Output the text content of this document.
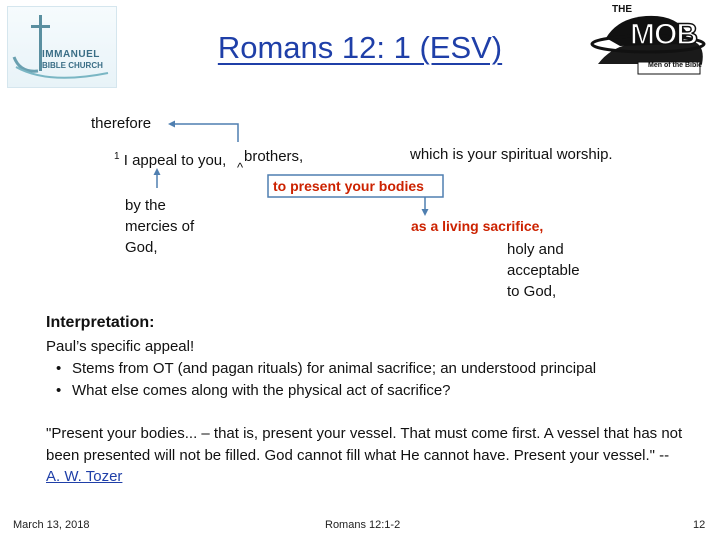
IMMANUEL
BIBLE CHURCH
THE
MOB
Men of the Bible
Romans 12: 1 (ESV)
therefore
$^1$ I appeal to you, ^
brothers,	which is your spiritual worship.
by the
mercies of
God,
to present your bodies
as a living sacrifice,
holy and
acceptable
to God,
Interpretation:
Paul’s specific appeal!
• Stems from OT (and pagan rituals) for animal sacrifice; an understood principal
• What else comes along with the physical act of sacrifice?
"Present your bodies... – that is, present your vessel. That must come first. A vessel that has not been presented will not be filled. God cannot fill what He cannot have. Present your vessel." -- A. W. Tozer
March 13, 2018	Romans 12:1-2	12
